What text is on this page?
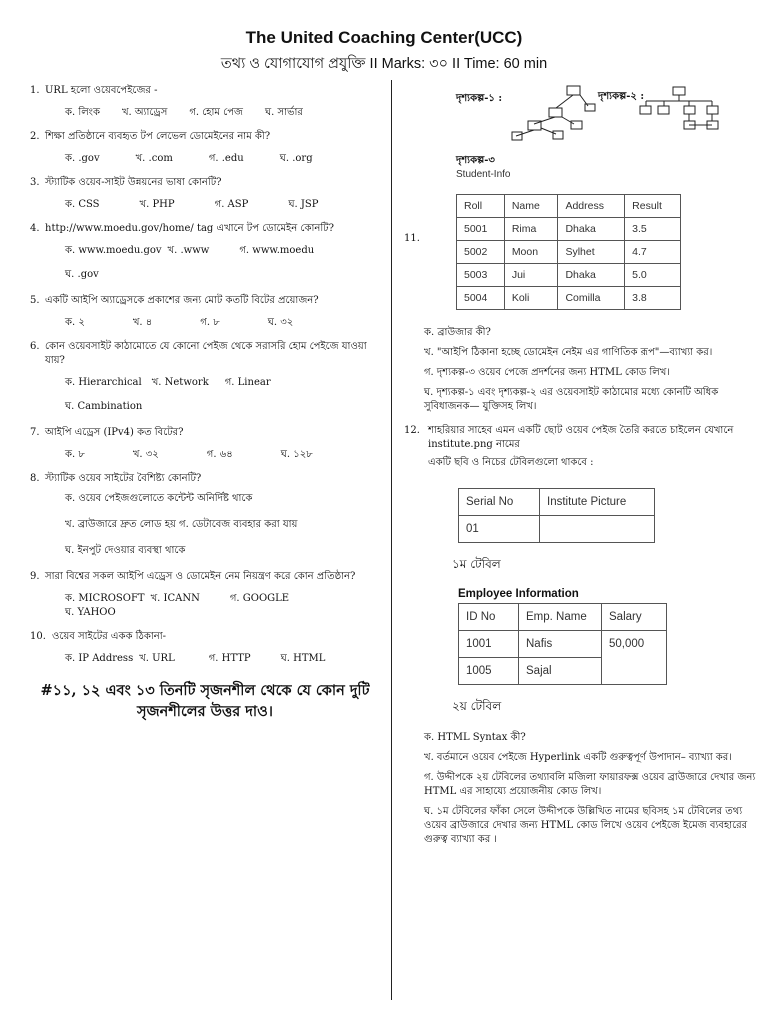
The United Coaching Center(UCC)
তথ্য ও যোগাযোগ প্রযুক্তি II Marks: ৩০ II Time: 60 min
1. URL হলো ওয়েবপেইজের -
ক. লিংক খ. অ্যাড্রেস গ. হোম পেজ ঘ. সার্ভার
2. শিক্ষা প্রতিষ্ঠানে ব্যবহৃত টপ লেভেল ডোমেইনের নাম কী?
ক. .gov	খ. .com	গ. .edu	ঘ. .org
3. স্ট্যাটিক ওয়েব-সাইট উন্নয়নের ভাষা কোনটি?
ক. CSS	খ. PHP	গ. ASP	ঘ. JSP
4. http://www.moedu.gov/home/ tag এখানে টপ ডোমেইন কোনটি?
ক. www.moedu.gov খ. .www	গ. www.moedu
ঘ. .gov
5. একটি আইপি অ্যাড্রেসকে প্রকাশের জন্য মোট কতটি বিটের প্রয়োজন?
ক. ২	খ. ৪	গ. ৮	ঘ. ৩২
6. কোন ওয়েবসাইট কাঠামোতে যে কোনো পেইজ থেকে সরাসরি হোম পেইজে যাওয়া যায়?
ক. Hierarchical খ. Network গ. Linear
ঘ. Cambination
7. আইপি এড্রেস (IPv4) কত বিটের?
ক. ৮	খ. ৩২	গ. ৬৪	ঘ. ১২৮
8. স্ট্যাটিক ওয়েব সাইটের বৈশিষ্ট্য কোনটি?
ক. ওয়েব পেইজগুলোতে কন্টেন্ট অনির্দিষ্ট থাকে
খ. ব্রাউজারে দ্রুত লোড হয় গ. ডেটাবেজ ব্যবহার করা যায়
ঘ. ইনপুট দেওয়ার ব্যবস্থা থাকে
9. সারা বিশ্বের সকল আইপি এড্রেস ও ডোমেইন নেম নিয়ন্ত্রণ করে কোন প্রতিষ্ঠান?
ক. MICROSOFT খ. ICANN	গ. GOOGLE
ঘ. YAHOO
10. ওয়েব সাইটের একক ঠিকানা-
ক. IP Address খ. URL	গ. HTTP	ঘ. HTML
#১১, ১২ এবং ১৩ তিনটি সৃজনশীল থেকে যে কোন দুটি সৃজনশীলের উত্তর দাও।
দৃশ্যকল্প-১ :	দৃশ্যকল্প-২ :
দৃশ্যকল্প-৩
Student-Info
11.
Roll	Name	Address	Result
5001	Rima	Dhaka	3.5
5002	Moon	Sylhet	4.7
5003	Jui	Dhaka	5.0
5004	Koli	Comilla	3.8
ক. ব্রাউজার কী?
খ. "আইপি ঠিকানা হচ্ছে ডোমেইন নেইম এর গাণিতিক রূপ"—ব্যাখ্যা কর।
গ. দৃশ্যকল্প-৩ ওয়েব পেজে প্রদর্শনের জন্য HTML কোড লিখ।
ঘ. দৃশ্যকল্প-১ এবং দৃশ্যকল্প-২ এর ওয়েবসাইট কাঠামোর মধ্যে কোনটি অধিক সুবিধাজনক— যুক্তিসহ লিখ।
12. শাহরিয়ার সাহেব এমন একটি ছোট ওয়েব পেইজ তৈরি করতে চাইলেন যেখানে institute.png নামের
একটি ছবি ও নিচের টেবিলগুলো থাকবে :
Serial No	Institute Picture
01	
১ম টেবিল
Employee Information
ID No	Emp. Name	Salary
1001	Nafis	50,000
1005	Sajal	
২য় টেবিল
ক. HTML Syntax কী?
খ. বর্তমানে ওয়েব পেইজে Hyperlink একটি গুরুত্বপূর্ণ উপাদান– ব্যাখ্যা কর।
গ. উদ্দীপকে ২য় টেবিলের তথ্যাবলি মজিলা ফায়ারফক্স ওয়েব ব্রাউজারে দেখার জন্য HTML এর সাহায্যে প্রয়োজনীয় কোড লিখ।
ঘ. ১ম টেবিলের ফাঁকা সেলে উদ্দীপকে উল্লিখিত নামের ছবিসহ ১ম টেবিলের তথ্য ওয়েব ব্রাউজারে দেখার জন্য HTML কোড লিখে ওয়েব পেইজে ইমেজ ব্যবহারের গুরুত্ব ব্যাখ্যা কর ।
